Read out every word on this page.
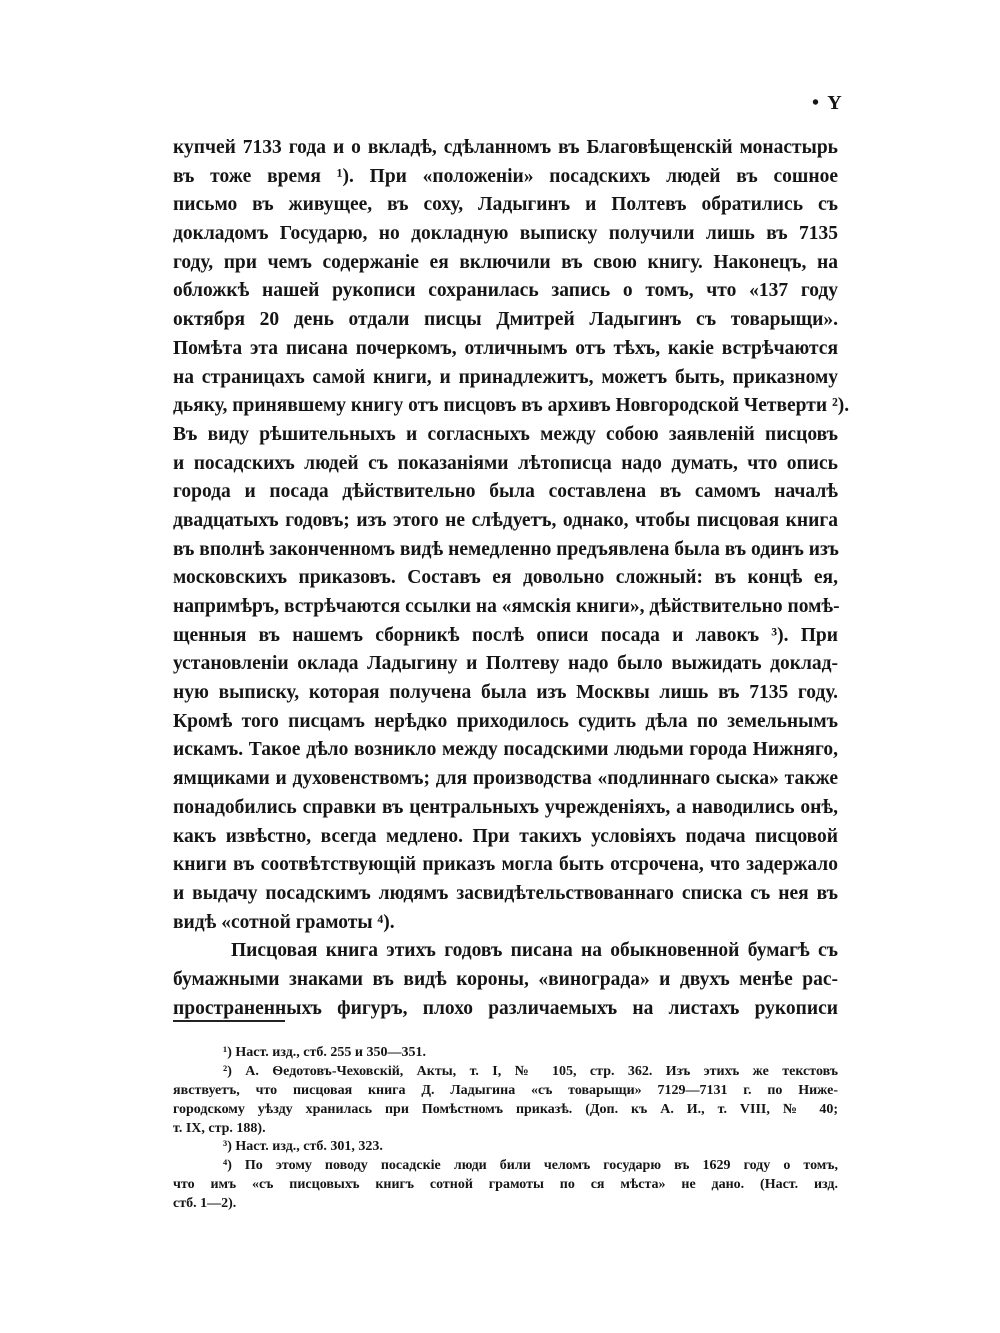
• Y
купчей 7133 года и о вкладѣ, сдѣланномъ въ Благовѣщенскій монастырь
въ тоже время ¹). При «положеніи» посадскихъ людей въ сошное
письмо въ живущее, въ соху, Ладыгинъ и Полтевъ обратились съ
докладомъ Государю, но докладную выписку получили лишь въ 7135
году, при чемъ содержаніе ея включили въ свою книгу. Наконецъ, на
обложкѣ нашей рукописи сохранилась запись о томъ, что «137 году
октября 20 день отдали писцы Дмитрей Ладыгинъ съ товарыщи».
Помѣта эта писана почеркомъ, отличнымъ отъ тѣхъ, какіе встрѣчаются
на страницахъ самой книги, и принадлежитъ, можетъ быть, приказному
дьяку, принявшему книгу отъ писцовъ въ архивъ Новгородской Четверти ²).
Въ виду рѣшительныхъ и согласныхъ между собою заявленій писцовъ
и посадскихъ людей съ показаніями лѣтописца надо думать, что опись
города и посада дѣйствительно была составлена въ самомъ началѣ
двадцатыхъ годовъ; изъ этого не слѣдуетъ, однако, чтобы писцовая книга
въ вполнѣ законченномъ видѣ немедленно предъявлена была въ одинъ изъ
московскихъ приказовъ. Составъ ея довольно сложный: въ концѣ ея,
напримѣръ, встрѣчаются ссылки на «ямскія книги», дѣйствительно помѣ-
щенныя въ нашемъ сборникѣ послѣ описи посада и лавокъ ³). При
установленіи оклада Ладыгину и Полтеву надо было выжидать доклад-
ную выписку, которая получена была изъ Москвы лишь въ 7135 году.
Кромѣ того писцамъ нерѣдко приходилось судить дѣла по земельнымъ
искамъ. Такое дѣло возникло между посадскими людьми города Нижняго,
ямщиками и духовенствомъ; для производства «подлиннаго сыска» также
понадобились справки въ центральныхъ учрежденіяхъ, а наводились онѣ,
какъ извѣстно, всегда медлено. При такихъ условіяхъ подача писцовой
книги въ соотвѣтствующій приказъ могла быть отсрочена, что задержало
и выдачу посадскимъ людямъ засвидѣтельствованнаго списка съ нея въ
видѣ «сотной грамоты ⁴).
Писцовая книга этихъ годовъ писана на обыкновенной бумагѣ съ
бумажными знаками въ видѣ короны, «винограда» и двухъ менѣе рас-
пространенныхъ фигуръ, плохо различаемыхъ на листахъ рукописи
¹) Наст. изд., стб. 255 и 350—351.
²) А. Ѳедотовъ-Чеховскій, Акты, т. I, № 105, стр. 362. Изъ этихъ же текстовъ
явствуетъ, что писцовая книга Д. Ладыгина «съ товарыщи» 7129—7131 г. по Ниже-
городскому уѣзду хранилась при Помѣстномъ приказѣ. (Доп. къ А. И., т. VIII, № 40;
т. IX, стр. 188).
³) Наст. изд., стб. 301, 323.
⁴) По этому поводу посадскіе люди били челомъ государю въ 1629 году о томъ,
что имъ «съ писцовыхъ книгъ сотной грамоты по ся мѣста» не дано. (Наст. изд.
стб. 1—2).
